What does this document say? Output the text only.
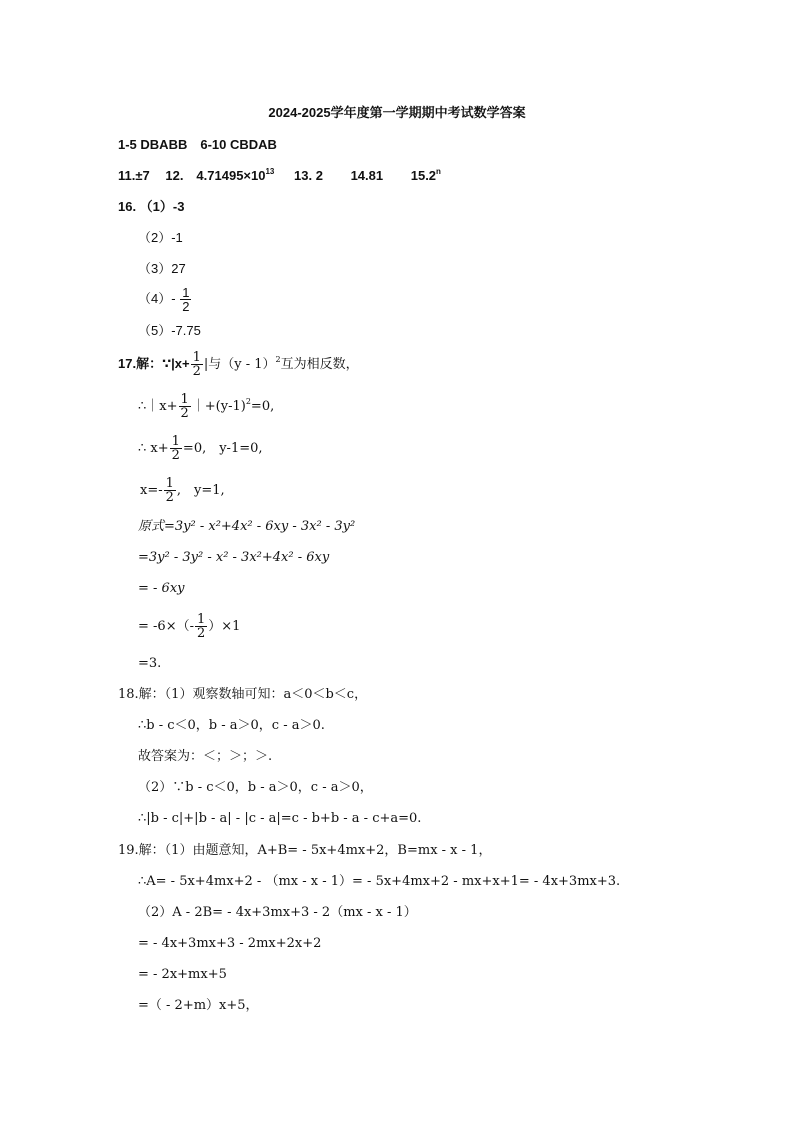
2024-2025学年度第一学期期中考试数学答案
1-5 DBABB　6-10 CBDAB
11.±7 12.　$4.71495\times 10^{13}$ 13. 2 14.81 15.2$^n$
16. （1）-3
（2）-1
（3）27
$(4)- \frac{1}{2}$
（5）-7.75
17.解：∵|x+ $\frac{1}{2}$ |与（y - 1）$^2$互为相反数，
∴｜x+ $\frac{1}{2}$ $|+(y-1)^2=0$,
∴ $x+ \frac{1}{2} =0$,　y-1=0,
$x=- \frac{1}{2}$ ,　y=1,
原式=3y² - x²+4x² - 6xy - 3x² - 3y²
=3y² - 3y² - x² - 3x²+4x² - 6xy
= - 6xy
= $-6\times(- \frac{1}{2} )\times 1$
=3.
18.解：（1）观察数轴可知：a＜0＜b＜c，
∴b - c＜0，b - a＞0，c - a＞0.
故答案为：＜；＞；＞.
（2）∵b - c＜0，b - a＞0，c - a＞0，
∴|b - c|+|b - a| - |c - a|=c - b+b - a - c+a=0.
19.解：（1）由题意知，A+B= - 5x+4mx+2，B=mx - x - 1，
∴A= - 5x+4mx+2 - （mx - x - 1）= - 5x+4mx+2 - mx+x+1= - 4x+3mx+3.
（2）A - 2B= - 4x+3mx+3 - 2（mx - x - 1）
= - 4x+3mx+3 - 2mx+2x+2
= - 2x+mx+5
=（ - 2+m）x+5，
